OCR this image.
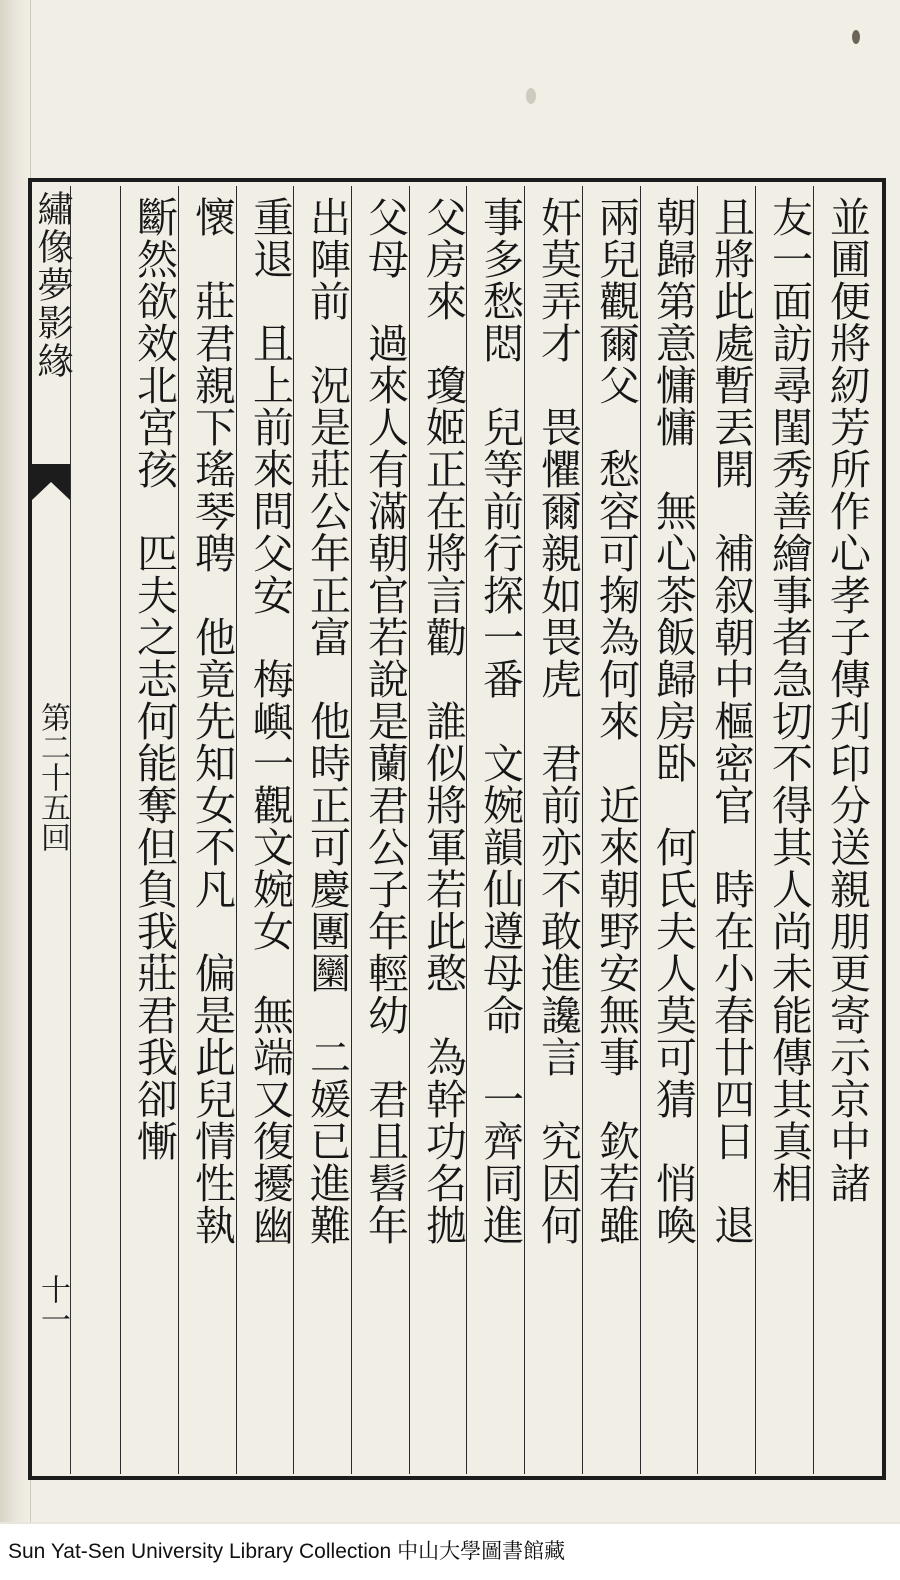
繡像夢影緣
第二十五回
十一
並圃便將紉芳所作心孝子傳刋印分送親朋更寄示京中諸
友一面訪尋閨秀善繪事者急切不得其人尚未能傳其真相
且將此處暫丟開　補叙朝中樞密官　時在小春廿四日　退
朝歸第意慵慵　無心茶飯歸房卧　何氏夫人莫可猜　悄喚
兩兒觀爾父　愁容可掬為何來　近來朝野安無事　欽若雖
奸莫弄才　畏懼爾親如畏虎　君前亦不敢進讒言　究因何
事多愁悶　兒等前行探一番　文婉韻仙遵母命　一齊同進
父房來　瓊姬正在將言勸　誰似將軍若此憨　為幹功名拋
父母　過來人有滿朝官若說是蘭君公子年輕幼　君且髫年
出陣前　況是莊公年正富　他時正可慶團圞　二媛已進難
重退　且上前來問父安　梅嶼一觀文婉女　無端又復擾幽
懷　莊君親下瑤琴聘　他竟先知女不凡　偏是此兒情性執
斷然欲效北宮孩　匹夫之志何能奪但負我莊君我卻慚
Sun Yat-Sen University Library Collection 中山大學圖書館藏
